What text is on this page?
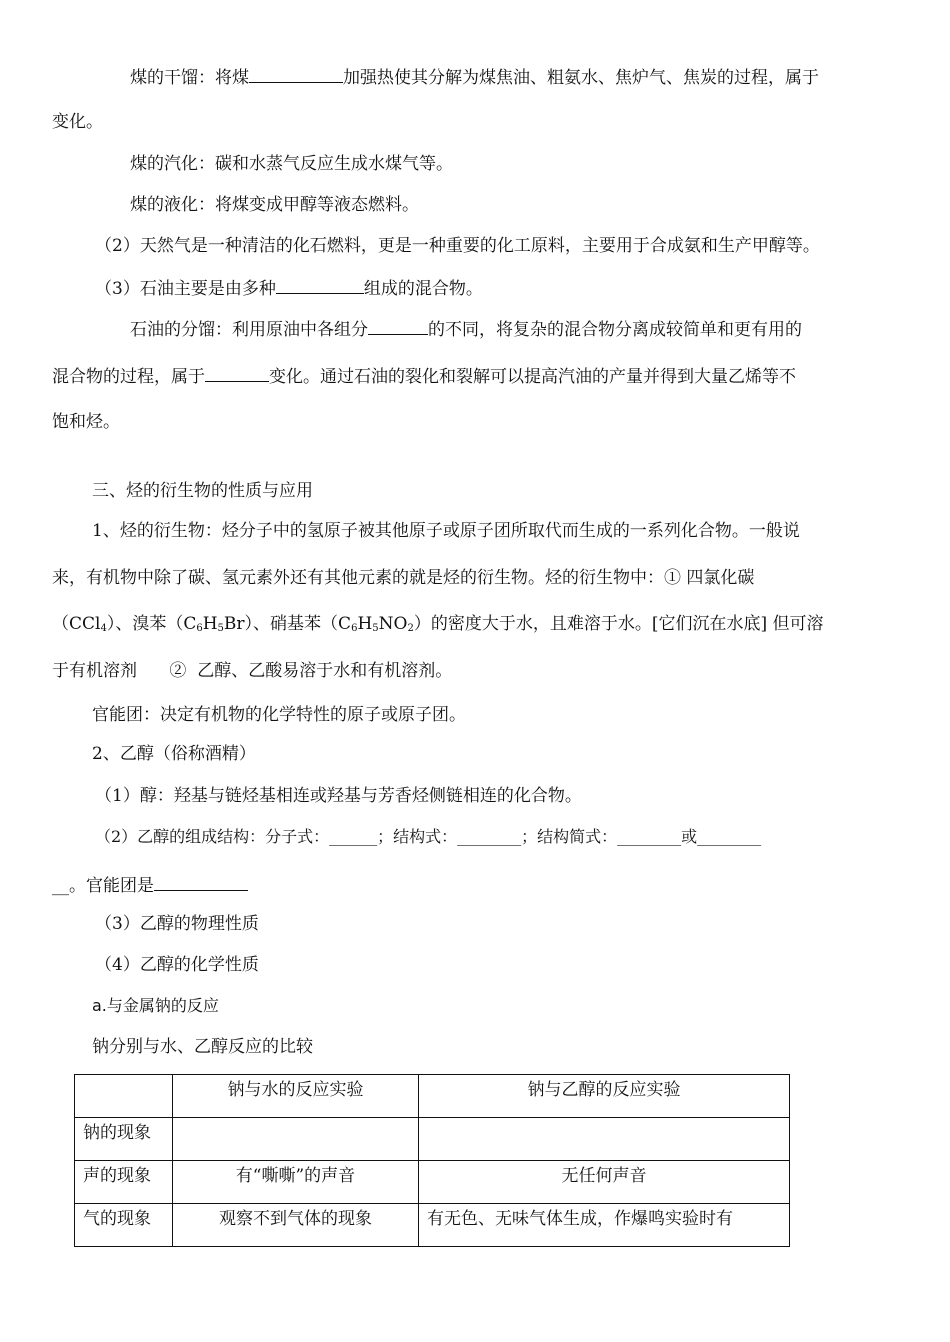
煤的干馏：将煤	加强热使其分解为煤焦油、粗氨水、焦炉气、焦炭的过程，属于
变化。
煤的汽化：碳和水蒸气反应生成水煤气等。
煤的液化：将煤变成甲醇等液态燃料。
（2）天然气是一种清洁的化石燃料，更是一种重要的化工原料，主要用于合成氨和生产甲醇等。
（3）石油主要是由多种	组成的混合物。
石油的分馏：利用原油中各组分	的不同，将复杂的混合物分离成较简单和更有用的
混合物的过程，属于	变化。通过石油的裂化和裂解可以提高汽油的产量并得到大量乙烯等不
饱和烃。
三、烃的衍生物的性质与应用
1、烃的衍生物：烃分子中的氢原子被其他原子或原子团所取代而生成的一系列化合物。一般说
来，有机物中除了碳、氢元素外还有其他元素的就是烃的衍生物。烃的衍生物中：① 四氯化碳
（CCl$_4$）、溴苯$(C_6H_5Br)$、硝基苯$(C_6H_5NO_2)$的密度大于水，且难溶于水。[它们沉在水底] 但可溶
于有机溶剂      ②  乙醇、乙酸易溶于水和有机溶剂。
官能团：决定有机物的化学特性的原子或原子团。
2、乙醇（俗称酒精）
（1）醇：羟基与链烃基相连或羟基与芳香烃侧链相连的化合物。
（2）乙醇的组成结构：分子式：______；结构式：________；结构简式：________或________
__。官能团是
（3）乙醇的物理性质
（4）乙醇的化学性质
a.与金属钠的反应
钠分别与水、乙醇反应的比较
	钠与水的反应实验	钠与乙醇的反应实验
钠的现象		
声的现象	有“嘶嘶”的声音	无任何声音
气的现象	观察不到气体的现象	有无色、无味气体生成，作爆鸣实验时有
